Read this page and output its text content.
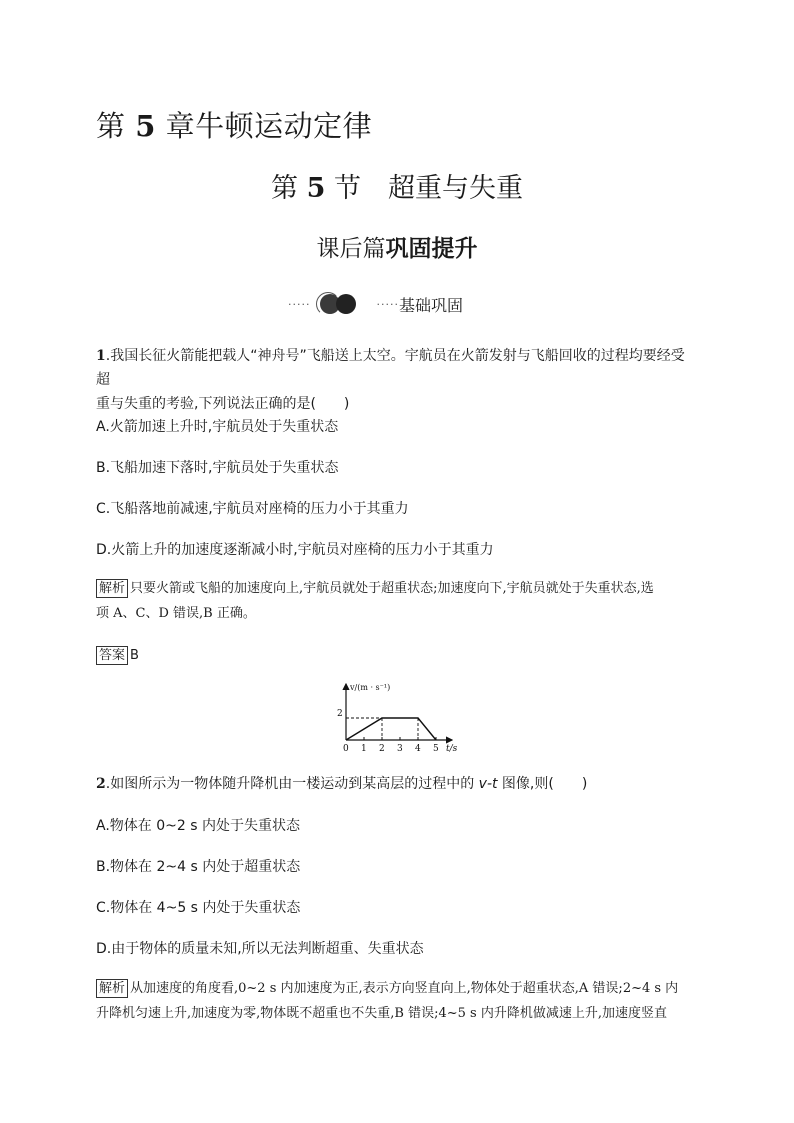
第 5 章牛顿运动定律
第 5 节　超重与失重
课后篇巩固提升
·····	····· 基础巩固
1.我国长征火箭能把载人“神舟号”飞船送上太空。宇航员在火箭发射与飞船回收的过程均要经受超
重与失重的考验,下列说法正确的是(　　)
A.火箭加速上升时,宇航员处于失重状态
B.飞船加速下落时,宇航员处于失重状态
C.飞船落地前减速,宇航员对座椅的压力小于其重力
D.火箭上升的加速度逐渐减小时,宇航员对座椅的压力小于其重力
解析 只要火箭或飞船的加速度向上,宇航员就处于超重状态;加速度向下,宇航员就处于失重状态,选
项 A、C、D 错误,B 正确。
答案 B
v/(m · s⁻¹)
t/s
2
0 1 2 3 4 5
2.如图所示为一物体随升降机由一楼运动到某高层的过程中的 v-t 图像,则(　　)
A.物体在 0~2 s 内处于失重状态
B.物体在 2~4 s 内处于超重状态
C.物体在 4~5 s 内处于失重状态
D.由于物体的质量未知,所以无法判断超重、失重状态
解析 从加速度的角度看,0~2 s 内加速度为正,表示方向竖直向上,物体处于超重状态,A 错误;2~4 s 内
升降机匀速上升,加速度为零,物体既不超重也不失重,B 错误;4~5 s 内升降机做减速上升,加速度竖直
